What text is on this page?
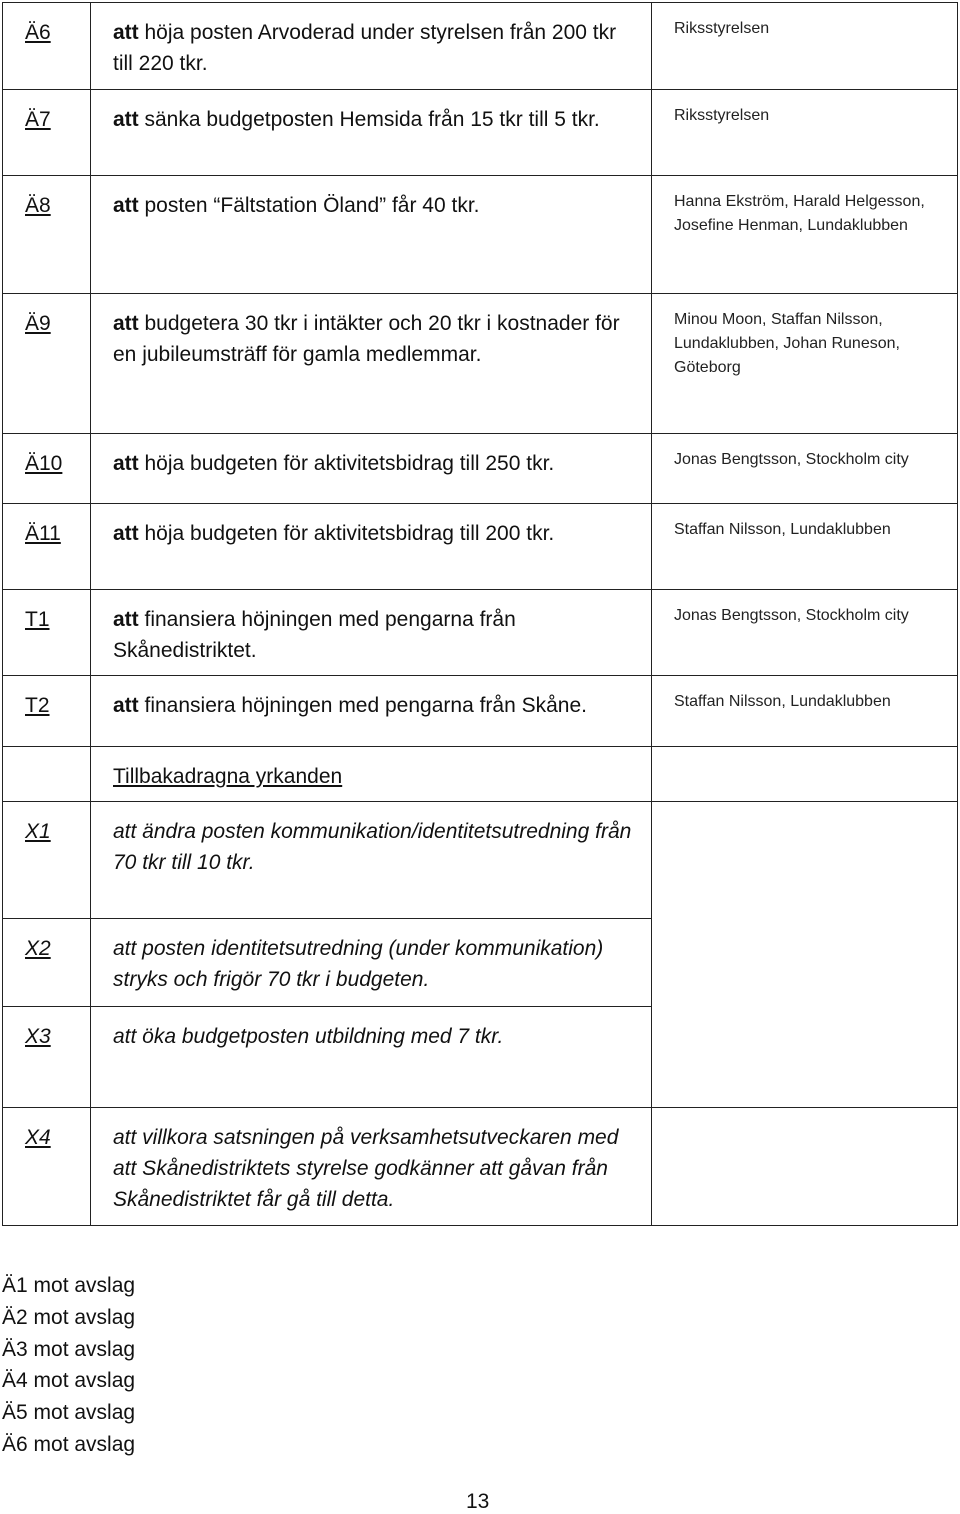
Ä6	att höja posten Arvoderad under styrelsen från 200 tkr till 220 tkr.	Riksstyrelsen

Ä7	att sänka budgetposten Hemsida från 15 tkr till 5 tkr.	Riksstyrelsen

Ä8	att posten “Fältstation Öland” får 40 tkr.	Hanna Ekström, Harald Helgesson, Josefine Henman, Lundaklubben

Ä9	att budgetera 30 tkr i intäkter och 20 tkr i kostnader för en jubileumsträff för gamla medlemmar.	Minou Moon, Staffan Nilsson, Lundaklubben, Johan Runeson, Göteborg

Ä10	att höja budgeten för aktivitetsbidrag till 250 tkr.	Jonas Bengtsson, Stockholm city

Ä11	att höja budgeten för aktivitetsbidrag till 200 tkr.	Staffan Nilsson, Lundaklubben

T1	att finansiera höjningen med pengarna från Skånedistriktet.	Jonas Bengtsson, Stockholm city

T2	att finansiera höjningen med pengarna från Skåne.	Staffan Nilsson, Lundaklubben

	Tillbakadragna yrkanden	
X1	att ändra posten kommunikation/identitetsutredning från 70 tkr till 10 tkr.	

X2	att posten identitetsutredning (under kommunikation) stryks och frigör 70 tkr i budgeten.	

X3	att öka budgetposten utbildning med 7 tkr.	

X4	att villkora satsningen på verksamhetsutveckaren med att Skånedistriktets styrelse godkänner att gåvan från Skånedistriktet får gå till detta.	

Ä1 mot avslag
Ä2 mot avslag
Ä3 mot avslag
Ä4 mot avslag
Ä5 mot avslag
Ä6 mot avslag
13
